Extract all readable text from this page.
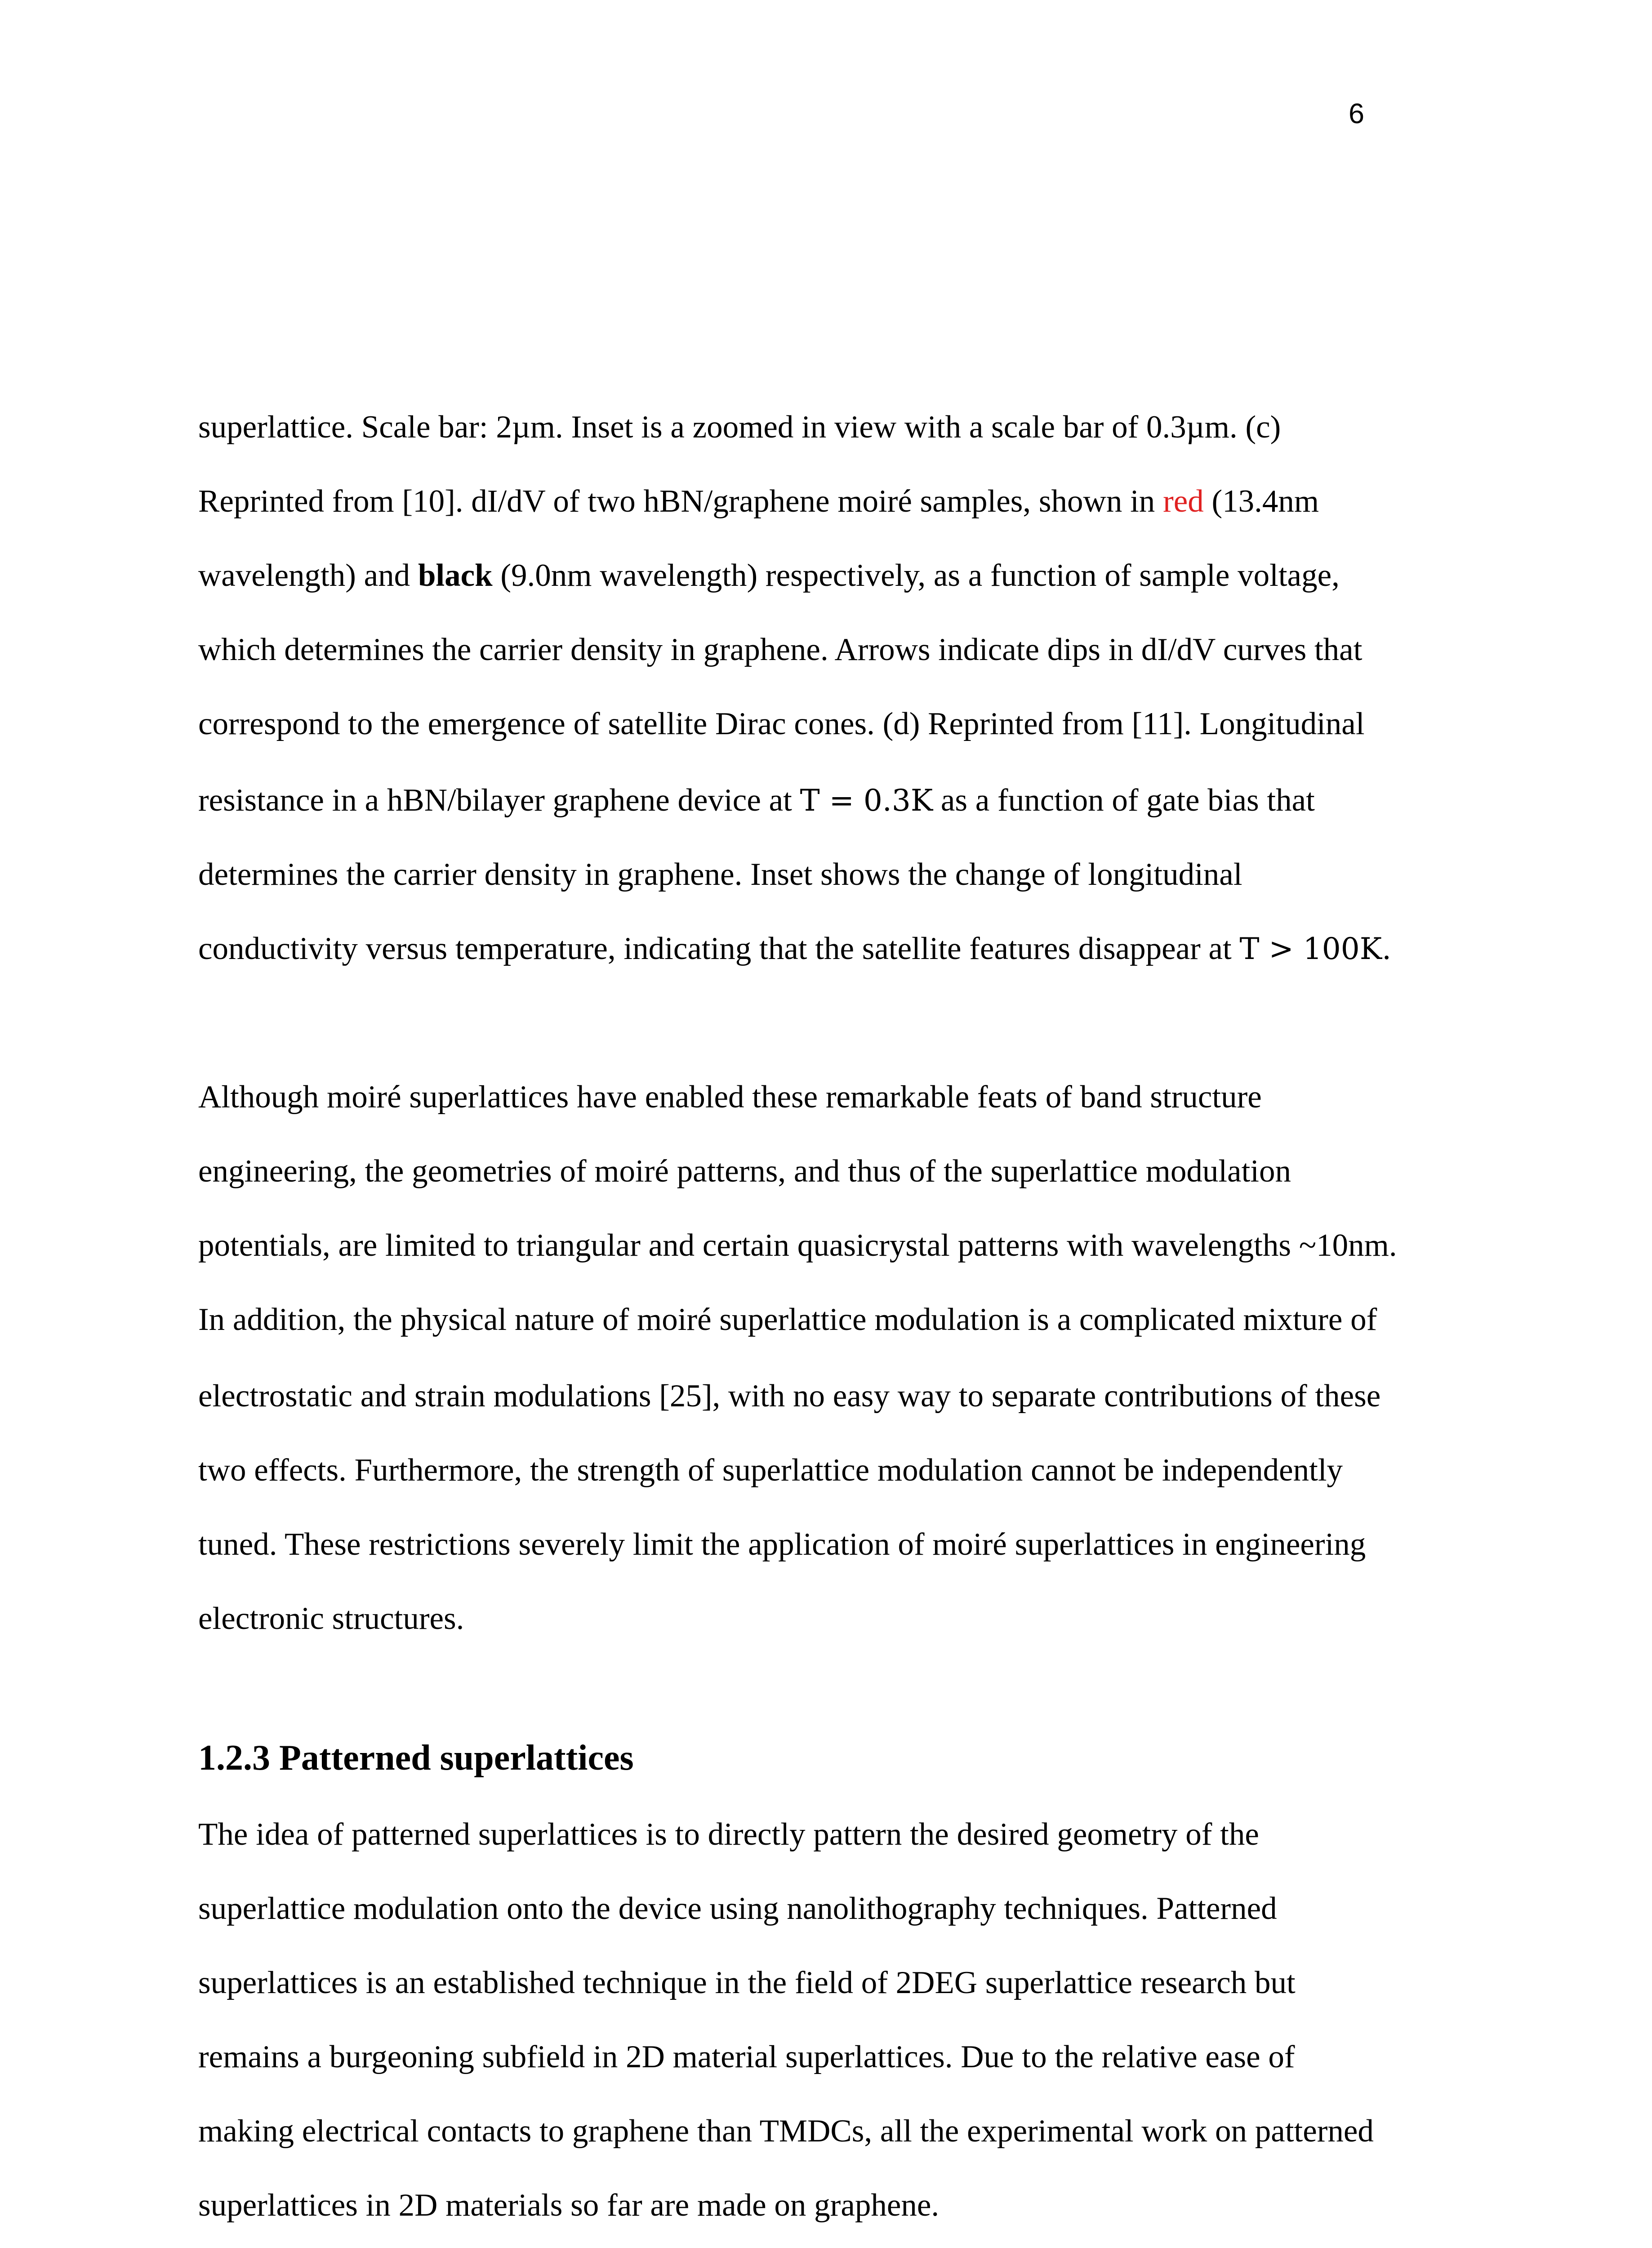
6
superlattice. Scale bar: 2µm. Inset is a zoomed in view with a scale bar of 0.3µm. (c)
Reprinted from [10]. dI/dV of two hBN/graphene moiré samples, shown in red (13.4nm
wavelength) and black (9.0nm wavelength) respectively, as a function of sample voltage,
which determines the carrier density in graphene. Arrows indicate dips in dI/dV curves that
correspond to the emergence of satellite Dirac cones. (d) Reprinted from [11]. Longitudinal
resistance in a hBN/bilayer graphene device at T = 0.3K as a function of gate bias that
determines the carrier density in graphene. Inset shows the change of longitudinal
conductivity versus temperature, indicating that the satellite features disappear at T > 100K.
Although moiré superlattices have enabled these remarkable feats of band structure
engineering, the geometries of moiré patterns, and thus of the superlattice modulation
potentials, are limited to triangular and certain quasicrystal patterns with wavelengths ~10nm.
In addition, the physical nature of moiré superlattice modulation is a complicated mixture of
electrostatic and strain modulations [25], with no easy way to separate contributions of these
two effects. Furthermore, the strength of superlattice modulation cannot be independently
tuned. These restrictions severely limit the application of moiré superlattices in engineering
electronic structures.
1.2.3 Patterned superlattices
The idea of patterned superlattices is to directly pattern the desired geometry of the
superlattice modulation onto the device using nanolithography techniques. Patterned
superlattices is an established technique in the field of 2DEG superlattice research but
remains a burgeoning subfield in 2D material superlattices. Due to the relative ease of
making electrical contacts to graphene than TMDCs, all the experimental work on patterned
superlattices in 2D materials so far are made on graphene.
